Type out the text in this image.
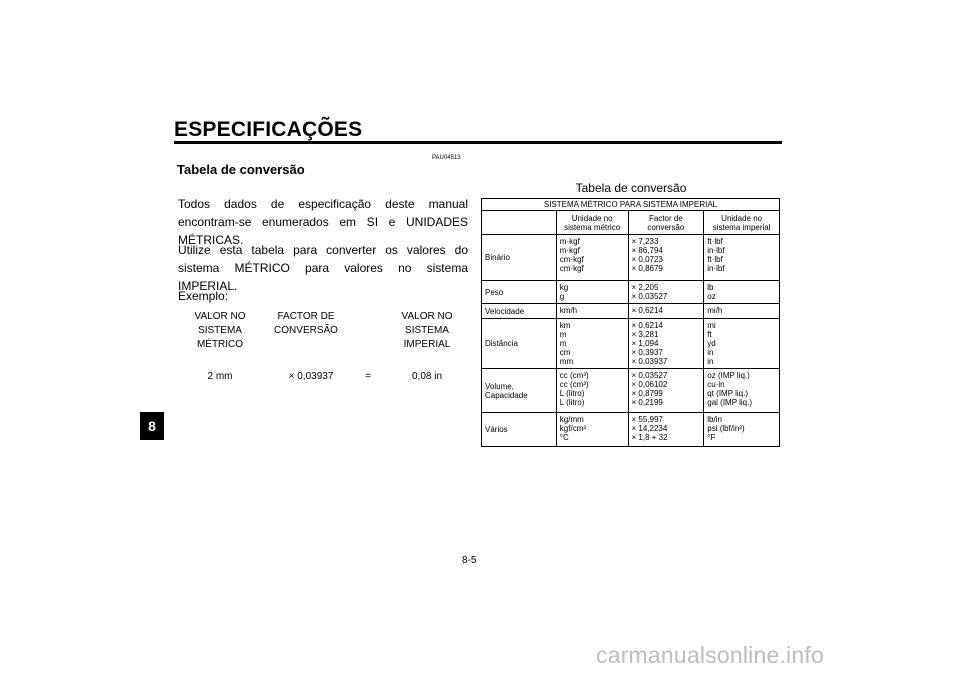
ESPECIFICAÇÕES
PAU04513
Tabela de conversão
8
Todos dados de especificação deste manual encontram-se enumerados em SI e UNIDADES MÉTRICAS.
Utilize esta tabela para converter os valores do sistema MÉTRICO para valores no sistema IMPERIAL.
Exemplo:
VALOR NO
SISTEMA
MÉTRICO
FACTOR DE
CONVERSÃO
VALOR NO
SISTEMA
IMPERIAL
2 mm	× 0,03937	=	0,08 in
Tabela de conversão
SISTEMA MÉTRICO PARA SISTEMA IMPERIAL			
	Unidade no sistema métrico	Factor de conversão	Unidade no sistema imperial
Binário	m·kgf
m·kgf
cm·kgf
cm·kgf	× 7,233
× 86,794
× 0,0723
× 0,8679	ft·lbf
in·lbf
ft·lbf
in·lbf
Peso	kg
g	× 2,205
× 0,03527	lb
oz
Velocidade	km/h	× 0,6214	mi/h
Distância	km
m
m
cm
mm	× 0,6214
× 3,281
× 1,094
× 0,3937
× 0,03937	mi
ft
yd
in
in
Volume,
Capacidade	cc (cm³)
cc (cm³)
L (litro)
L (litro)	× 0,03527
× 0,06102
× 0,8799
× 0,2199	oz (IMP liq.)
cu·in
qt (IMP liq.)
gal (IMP liq.)
Vários	kg/mm
kgf/cm²
°C	× 55,997
× 14,2234
× 1,8 + 32	lb/in
psi (lbf/in²)
°F
8-5
carmanualsonline.info
